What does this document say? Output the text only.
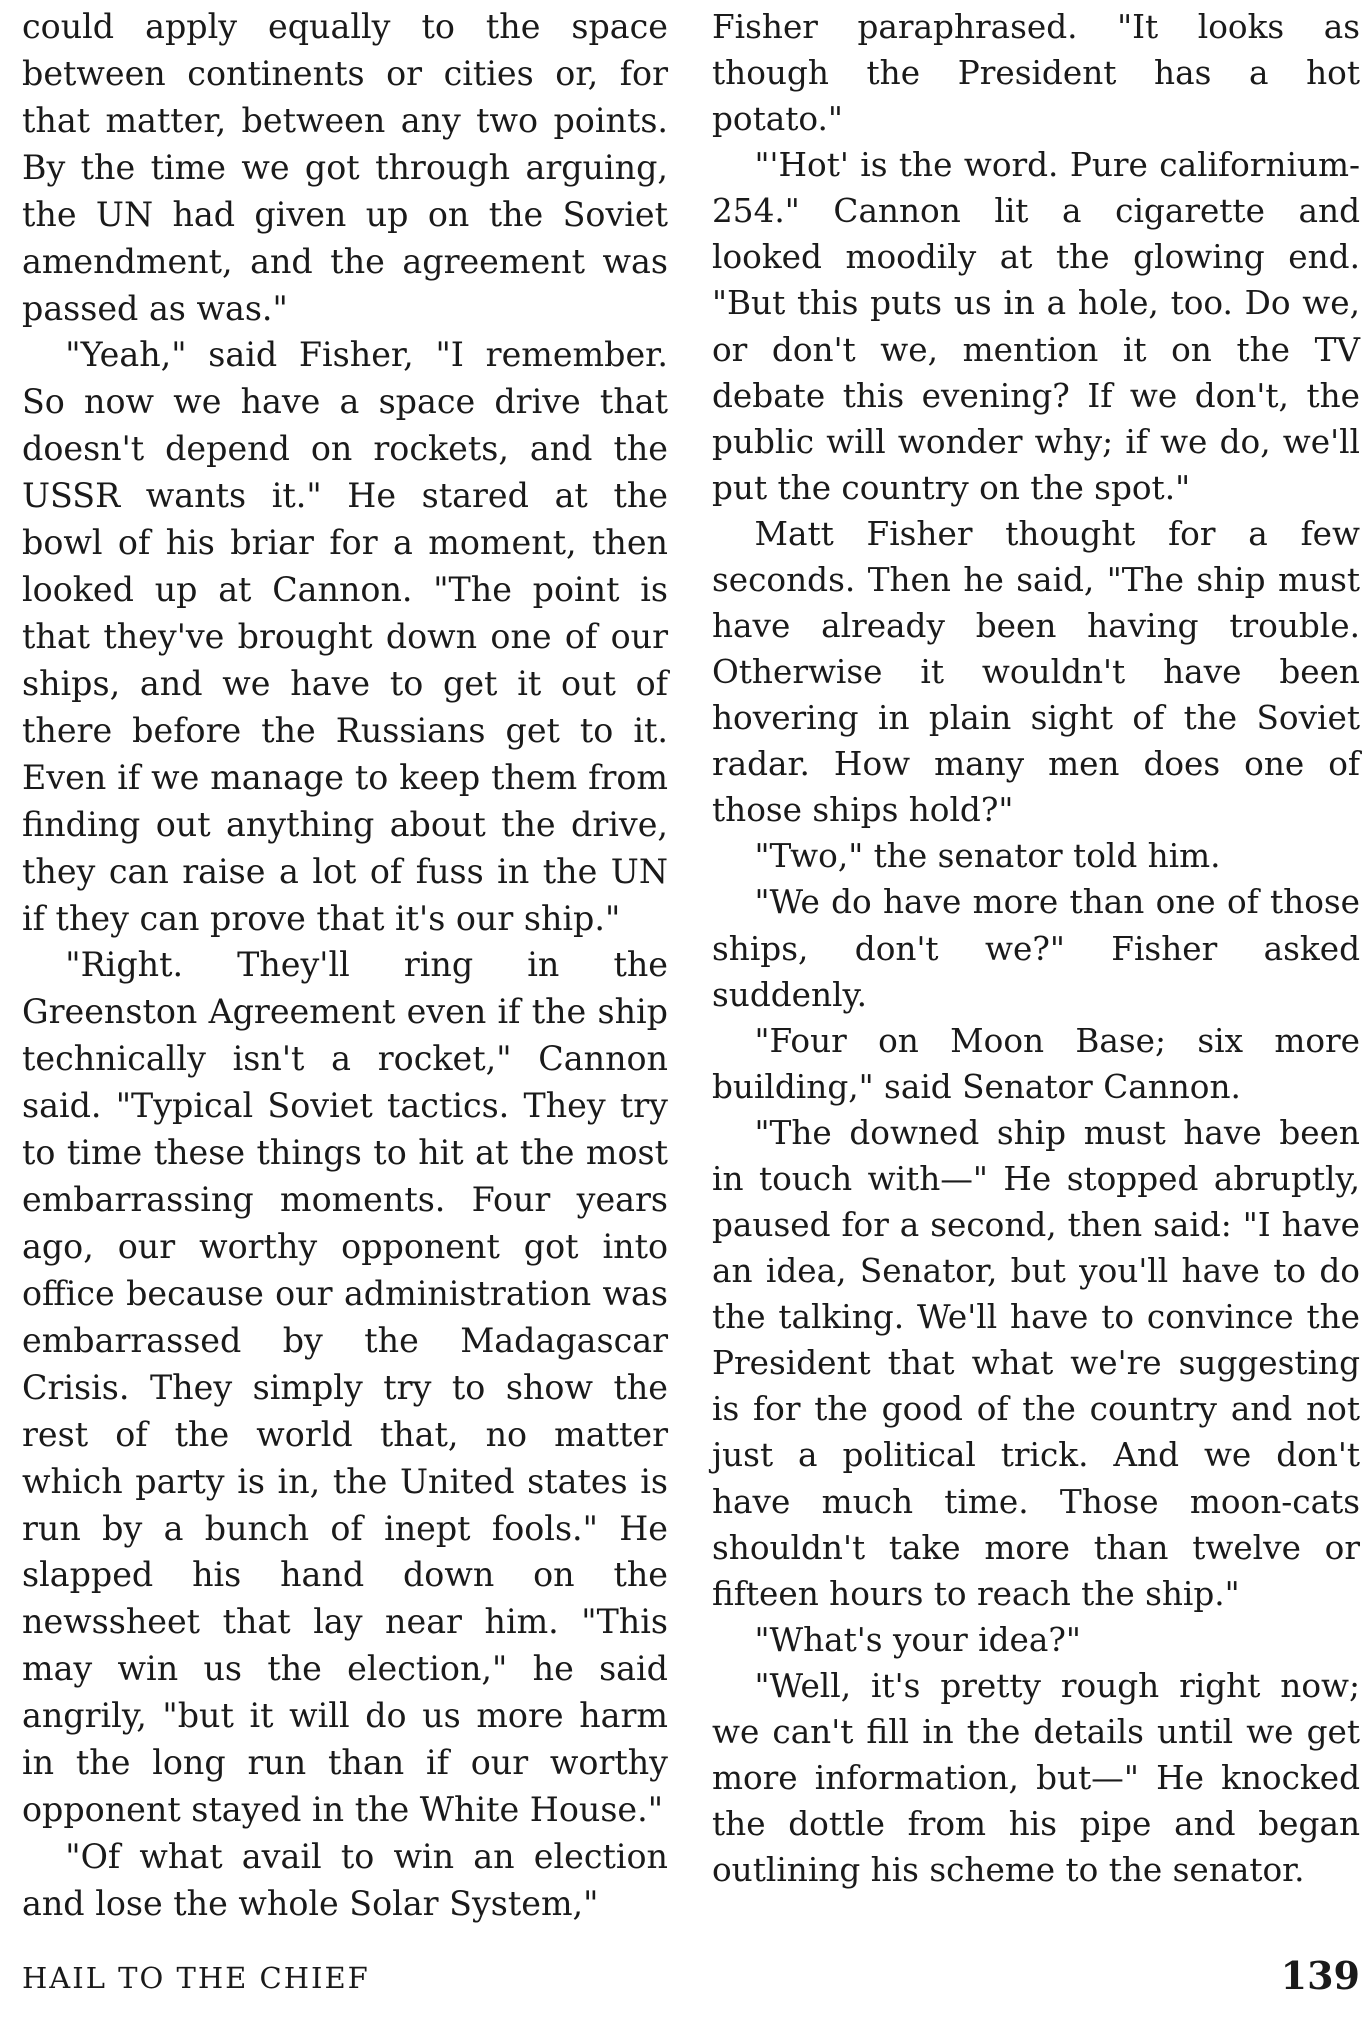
could apply equally to the space between continents or cities or, for that matter, between any two points. By the time we got through arguing, the UN had given up on the Soviet amendment, and the agreement was passed as was."

"Yeah," said Fisher, "I remember. So now we have a space drive that doesn't depend on rockets, and the USSR wants it." He stared at the bowl of his briar for a moment, then looked up at Cannon. "The point is that they've brought down one of our ships, and we have to get it out of there before the Russians get to it. Even if we manage to keep them from finding out anything about the drive, they can raise a lot of fuss in the UN if they can prove that it's our ship."

"Right. They'll ring in the Greenston Agreement even if the ship technically isn't a rocket," Cannon said. "Typical Soviet tactics. They try to time these things to hit at the most embarrassing moments. Four years ago, our worthy opponent got into office because our administration was embarrassed by the Madagascar Crisis. They simply try to show the rest of the world that, no matter which party is in, the United states is run by a bunch of inept fools." He slapped his hand down on the newssheet that lay near him. "This may win us the election," he said angrily, "but it will do us more harm in the long run than if our worthy opponent stayed in the White House."

"Of what avail to win an election and lose the whole Solar System,"

Fisher paraphrased. "It looks as though the President has a hot potato."

"'Hot' is the word. Pure californium-254." Cannon lit a cigarette and looked moodily at the glowing end. "But this puts us in a hole, too. Do we, or don't we, mention it on the TV debate this evening? If we don't, the public will wonder why; if we do, we'll put the country on the spot."

Matt Fisher thought for a few seconds. Then he said, "The ship must have already been having trouble. Otherwise it wouldn't have been hovering in plain sight of the Soviet radar. How many men does one of those ships hold?"

"Two," the senator told him.

"We do have more than one of those ships, don't we?" Fisher asked suddenly.

"Four on Moon Base; six more building," said Senator Cannon.

"The downed ship must have been in touch with—" He stopped abruptly, paused for a second, then said: "I have an idea, Senator, but you'll have to do the talking. We'll have to convince the President that what we're suggesting is for the good of the country and not just a political trick. And we don't have much time. Those moon-cats shouldn't take more than twelve or fifteen hours to reach the ship."

"What's your idea?"

"Well, it's pretty rough right now; we can't fill in the details until we get more information, but—" He knocked the dottle from his pipe and began outlining his scheme to the senator.

HAIL TO THE CHIEF	139
